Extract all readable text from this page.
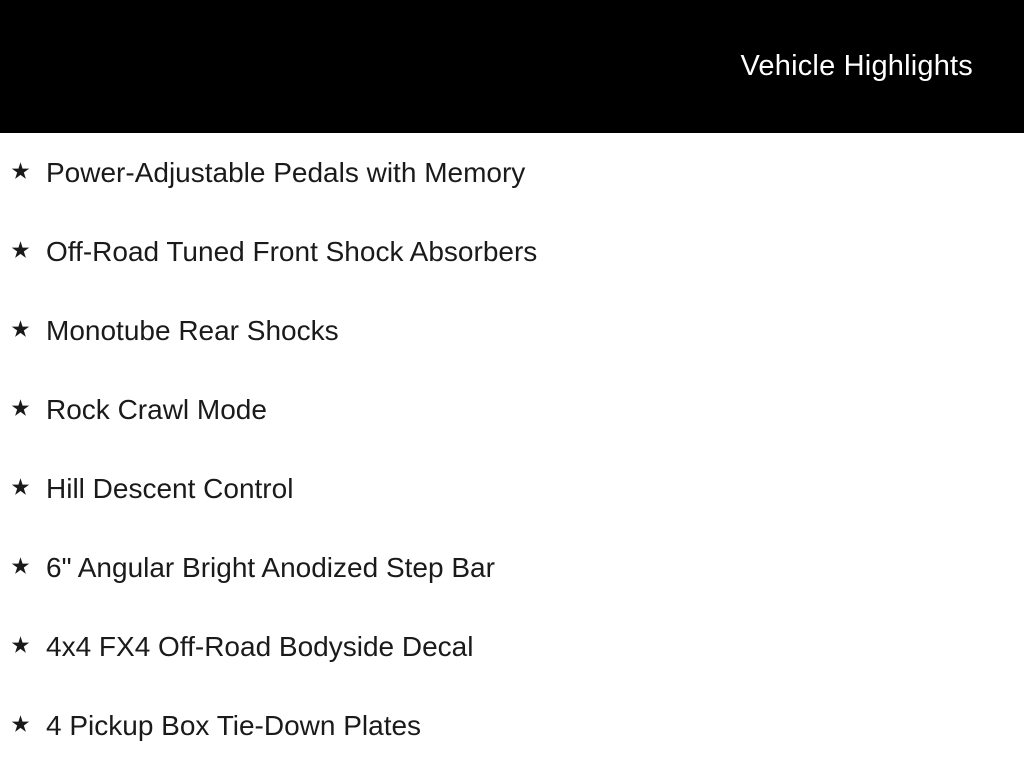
Vehicle Highlights
Power-Adjustable Pedals with Memory
Off-Road Tuned Front Shock Absorbers
Monotube Rear Shocks
Rock Crawl Mode
Hill Descent Control
6" Angular Bright Anodized Step Bar
4x4 FX4 Off-Road Bodyside Decal
4 Pickup Box Tie-Down Plates
